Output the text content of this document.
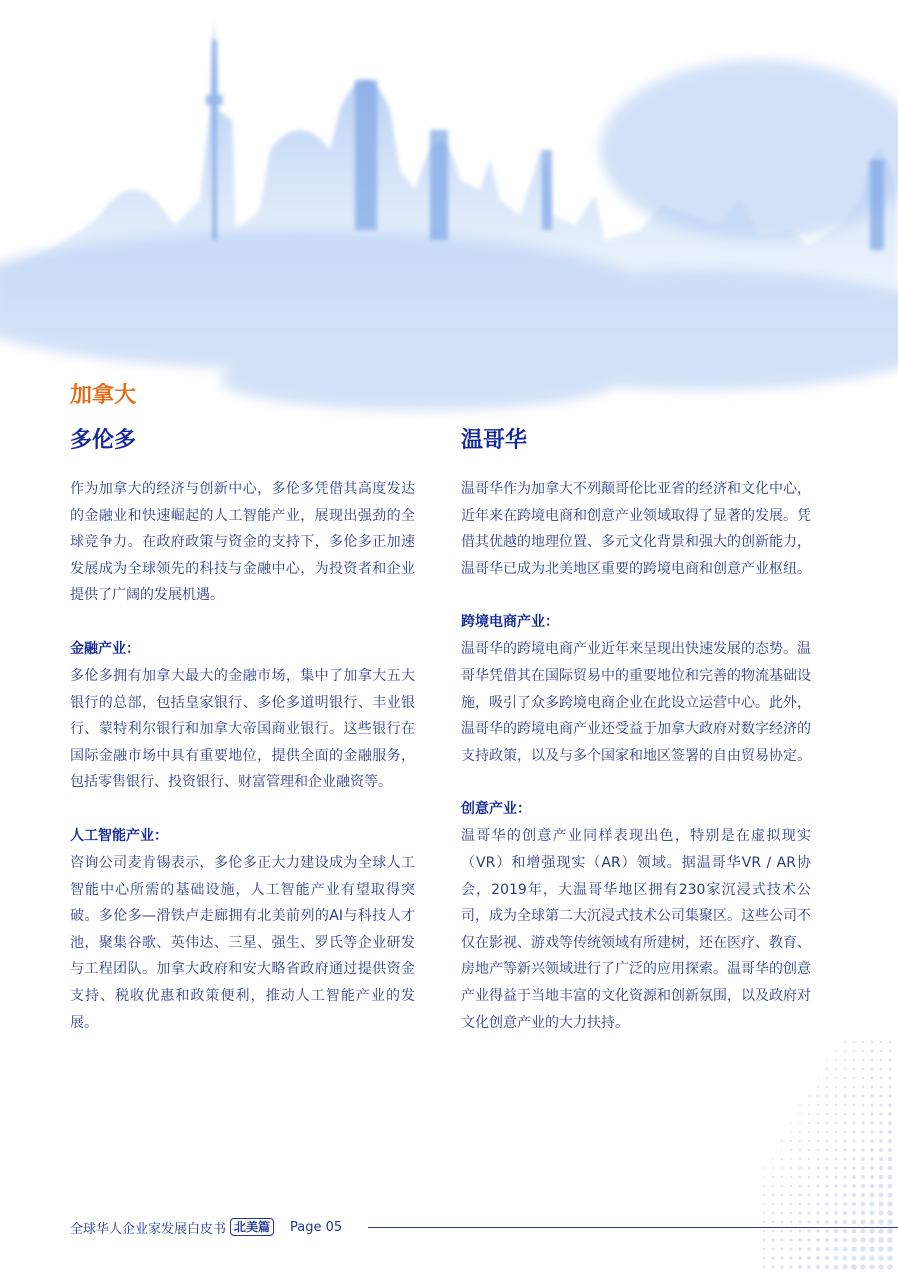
加拿大
多伦多

作为加拿大的经济与创新中心，多伦多凭借其高度发达的金融业和快速崛起的人工智能产业，展现出强劲的全球竞争力。在政府政策与资金的支持下，多伦多正加速发展成为全球领先的科技与金融中心，为投资者和企业提供了广阔的发展机遇。

金融产业：

多伦多拥有加拿大最大的金融市场，集中了加拿大五大银行的总部，包括皇家银行、多伦多道明银行、丰业银行、蒙特利尔银行和加拿大帝国商业银行。这些银行在国际金融市场中具有重要地位，提供全面的金融服务，包括零售银行、投资银行、财富管理和企业融资等。

人工智能产业：

咨询公司麦肯锡表示，多伦多正大力建设成为全球人工智能中心所需的基础设施，人工智能产业有望取得突破。多伦多—滑铁卢走廊拥有北美前列的AI与科技人才池，聚集谷歌、英伟达、三星、强生、罗氏等企业研发与工程团队。加拿大政府和安大略省政府通过提供资金支持、税收优惠和政策便利，推动人工智能产业的发展。

温哥华

温哥华作为加拿大不列颠哥伦比亚省的经济和文化中心，近年来在跨境电商和创意产业领域取得了显著的发展。凭借其优越的地理位置、多元文化背景和强大的创新能力，温哥华已成为北美地区重要的跨境电商和创意产业枢纽。

跨境电商产业：

温哥华的跨境电商产业近年来呈现出快速发展的态势。温哥华凭借其在国际贸易中的重要地位和完善的物流基础设施，吸引了众多跨境电商企业在此设立运营中心。此外，温哥华的跨境电商产业还受益于加拿大政府对数字经济的支持政策，以及与多个国家和地区签署的自由贸易协定。

创意产业：

温哥华的创意产业同样表现出色，特别是在虚拟现实（VR）和增强现实（AR）领域。据温哥华VR / AR协会，2019年，大温哥华地区拥有230家沉浸式技术公司，成为全球第二大沉浸式技术公司集聚区。这些公司不仅在影视、游戏等传统领域有所建树，还在医疗、教育、房地产等新兴领域进行了广泛的应用探索。温哥华的创意产业得益于当地丰富的文化资源和创新氛围，以及政府对文化创意产业的大力扶持。

全球华人企业家发展白皮书 北美篇	Page 05
